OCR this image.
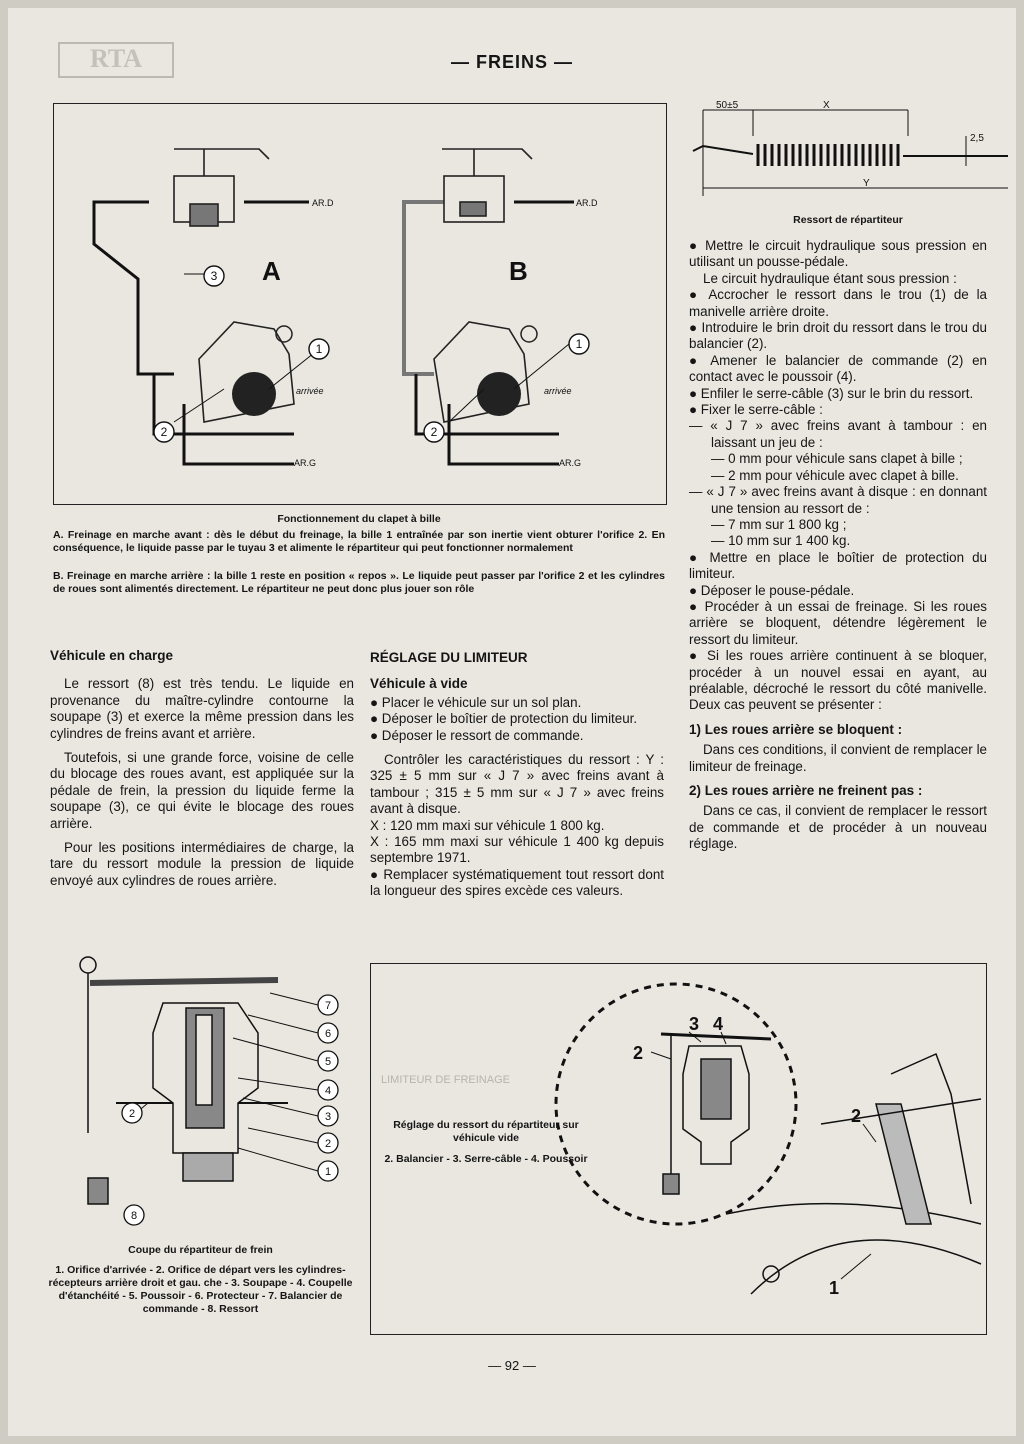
RTA	— FREINS —
3
1
2
1
2
A	B
AR.D	AR.D
AR.G	AR.G
arrivée	arrivée
Fonctionnement du clapet à bille
A. Freinage en marche avant : dès le début du freinage, la bille 1 entraînée par son inertie vient obturer l'orifice 2. En conséquence, le liquide passe par le tuyau 3 et alimente le répartiteur qui peut fonctionner normalement
B. Freinage en marche arrière : la bille 1 reste en position « repos ». Le liquide peut passer par l'orifice 2 et les cylindres de roues sont alimentés directement. Le répartiteur ne peut donc plus jouer son rôle
50±5	X
Y
2,5
Ressort de répartiteur

● Mettre le circuit hydraulique sous pression en utilisant un pousse-pédale.

Le circuit hydraulique étant sous pression :

● Accrocher le ressort dans le trou (1) de la manivelle arrière droite.

● Introduire le brin droit du ressort dans le trou du balancier (2).

● Amener le balancier de commande (2) en contact avec le poussoir (4).

● Enfiler le serre-câble (3) sur le brin du ressort.

● Fixer le serre-câble :

— « J 7 » avec freins avant à tambour : en laissant un jeu de :

— 0 mm pour véhicule sans clapet à bille ;

— 2 mm pour véhicule avec clapet à bille.

— « J 7 » avec freins avant à disque : en donnant une tension au ressort de :

— 7 mm sur 1 800 kg ;

— 10 mm sur 1 400 kg.

● Mettre en place le boîtier de protection du limiteur.

● Déposer le pouse-pédale.

● Procéder à un essai de freinage. Si les roues arrière se bloquent, détendre légèrement le ressort du limiteur.

● Si les roues arrière continuent à se bloquer, procéder à un nouvel essai en ayant, au préalable, décroché le ressort du côté manivelle. Deux cas peuvent se présenter :

1) Les roues arrière se bloquent :

Dans ces conditions, il convient de remplacer le limiteur de freinage.

2) Les roues arrière ne freinent pas :

Dans ce cas, il convient de remplacer le ressort de commande et de procéder à un nouveau réglage.

Véhicule en charge

Le ressort (8) est très tendu. Le liquide en provenance du maître-cylindre contourne la soupape (3) et exerce la même pression dans les cylindres de freins avant et arrière.

Toutefois, si une grande force, voisine de celle du blocage des roues avant, est appliquée sur la pédale de frein, la pression du liquide ferme la soupape (3), ce qui évite le blocage des roues arrière.

Pour les positions intermédiaires de charge, la tare du ressort module la pression de liquide envoyé aux cylindres de roues arrière.

RÉGLAGE DU LIMITEUR

Véhicule à vide

● Placer le véhicule sur un sol plan.

● Déposer le boîtier de protection du limiteur.

● Déposer le ressort de commande.

Contrôler les caractéristiques du ressort : Y : 325 ± 5 mm sur « J 7 » avec freins avant à tambour ; 315 ± 5 mm sur « J 7 » avec freins avant à disque.

X : 120 mm maxi sur véhicule 1 800 kg.

X : 165 mm maxi sur véhicule 1 400 kg depuis septembre 1971.

● Remplacer systématiquement tout ressort dont la longueur des spires excède ces valeurs.

7
6
5
4
3
2
1
2
8
Coupe du répartiteur de frein
1. Orifice d'arrivée - 2. Orifice de départ vers les cylindres-récepteurs arrière droit et gau. che - 3. Soupape - 4. Coupelle d'étanchéité - 5. Poussoir - 6. Protecteur - 7. Balancier de commande - 8. Ressort
LIMITEUR DE FREINAGE
Réglage du ressort du répartiteur sur véhicule vide
2. Balancier - 3. Serre-câble - 4. Poussoir
3 4
2
2
1
— 92 —
